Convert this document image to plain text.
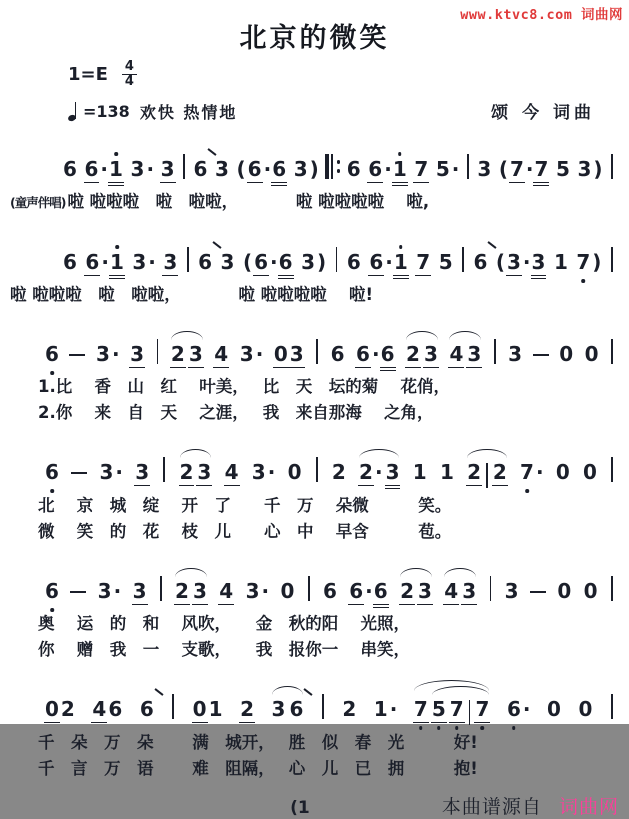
www.ktvc8.com 词曲网
北京的微笑
$1=E \frac{4}{4}$
=138 欢快 热情地	颂 今 词曲
6 6 · 1 3 · 3 6 3 ( 6 · 6 3 ) 6 6 · 1 7 5 · 3 ( 7 · 7 5 3 )
(童声伴唱) 啦 啦啦啦　啦　啦啦，　　　　啦 啦啦啦啦　 啦,
6 6 · 1 3 · 3 6 3 ( 6 · 6 3 ) 6 6 · 1 7 5 6 ( 3 · 3 1 7 )
啦 啦啦啦　啦　啦啦，　　　　啦 啦啦啦啦　 啦!
6 3 · 3 2 3 4 3 · 0 3 6 6 · 6 2 3 4 3 3 0 0
1.比　 香　山　红　 叶美，　 比　天　坛的菊　 花俏，
2.你　 来　自　天　 之涯，　 我　来自那海　 之角，
6 3 · 3 2 3 4 3 · 0 2 2 · 3 1 1 2 2 7 · 0 0
北　 京　城　绽　 开　了　　千　万　 朵微　　　笑。
微　 笑　的　花　 枝　儿　　心　中　 早含　　　苞。
6 3 · 3 2 3 4 3 · 0 6 6 · 6 2 3 4 3 3 0 0
奥　 运　的　和　 风吹，　　金　秋的阳　 光照，
你　 赠　我　一　 支歌，　　我　报你一　 串笑，
0 2 4 6 6 0 1 2 3 6 2 1 · 7 5 7 7 6 · 0 0
千　朵　万　朵　　 满　城开，　 胜　似　春　光　　　好!
千　言　万　语　　 难　阻隔，　 心　儿　已　拥　　　抱!
(1	本曲谱源自 词曲网
